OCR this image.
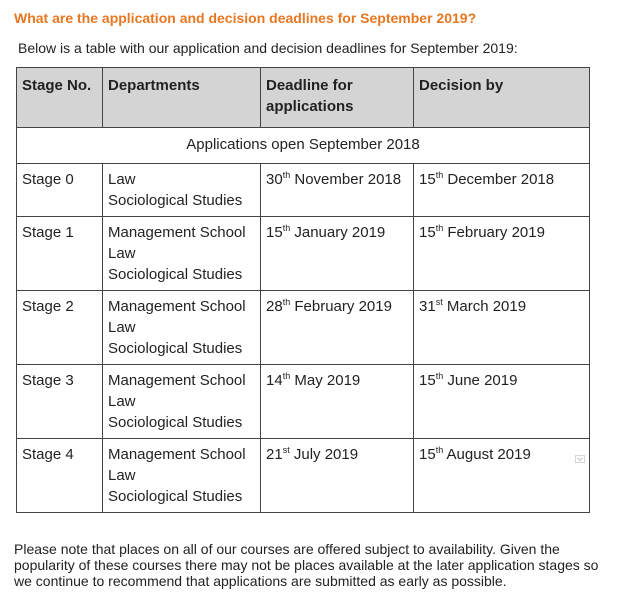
What are the application and decision deadlines for September 2019?
Below is a table with our application and decision deadlines for September 2019:
Stage No.	Departments	Deadline for applications	Decision by
Applications open September 2018			
Stage 0	Law
Sociological Studies	30th November 2018	15th December 2018
Stage 1	Management School
Law
Sociological Studies	15th January 2019	15th February 2019
Stage 2	Management School
Law
Sociological Studies	28th February 2019	31st March 2019
Stage 3	Management School
Law
Sociological Studies	14th May 2019	15th June 2019
Stage 4	Management School
Law
Sociological Studies	21st July 2019	15th August 2019
Please note that places on all of our courses are offered subject to availability. Given the popularity of these courses there may not be places available at the later application stages so we continue to recommend that applications are submitted as early as possible.
